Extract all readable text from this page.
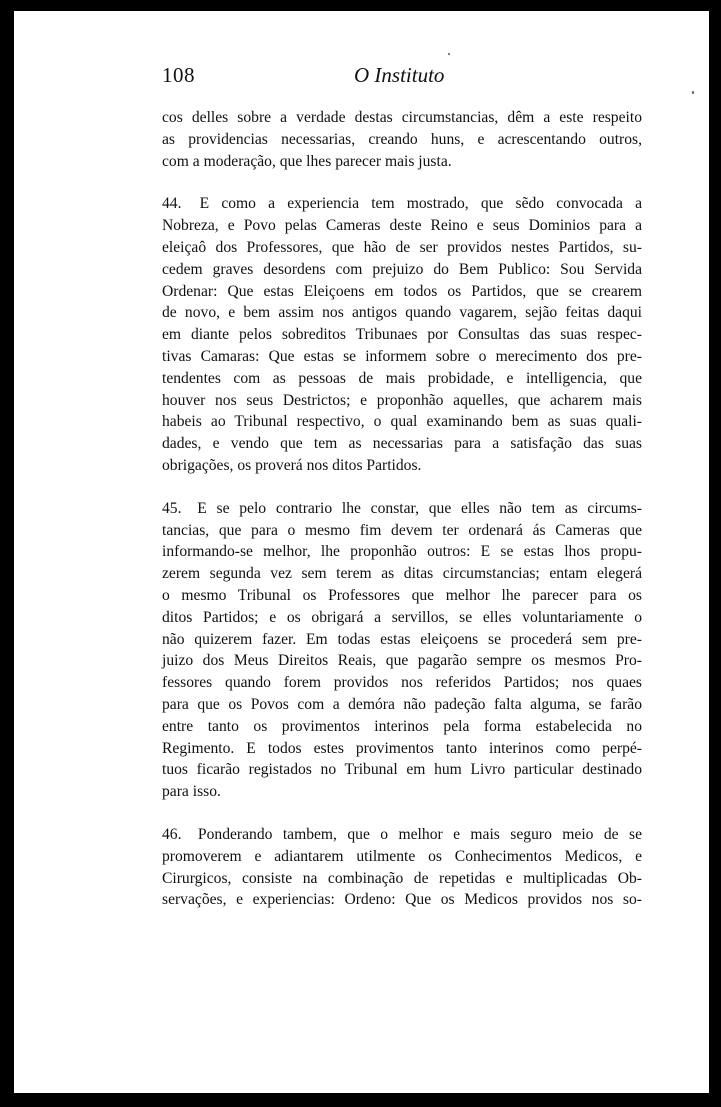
108	O Instituto
cos delles sobre a verdade destas circumstancias, dêm a este respeito
as providencias necessarias, creando huns, e acrescentando outros,
com a moderação, que lhes parecer mais justa.
44. E como a experiencia tem mostrado, que sẽdo convocada a
Nobreza, e Povo pelas Cameras deste Reino e seus Dominios para a
eleiçaô dos Professores, que hão de ser providos nestes Partidos, su-
cedem graves desordens com prejuizo do Bem Publico: Sou Servida
Ordenar: Que estas Eleiçoens em todos os Partidos, que se crearem
de novo, e bem assim nos antigos quando vagarem, sejão feitas daqui
em diante pelos sobreditos Tribunaes por Consultas das suas respec-
tivas Camaras: Que estas se informem sobre o merecimento dos pre-
tendentes com as pessoas de mais probidade, e intelligencia, que
houver nos seus Destrictos; e proponhão aquelles, que acharem mais
habeis ao Tribunal respectivo, o qual examinando bem as suas quali-
dades, e vendo que tem as necessarias para a satisfação das suas
obrigações, os proverá nos ditos Partidos.
45. E se pelo contrario lhe constar, que elles não tem as circums-
tancias, que para o mesmo fim devem ter ordenará ás Cameras que
informando-se melhor, lhe proponhão outros: E se estas lhos propu-
zerem segunda vez sem terem as ditas circumstancias; entam elegerá
o mesmo Tribunal os Professores que melhor lhe parecer para os
ditos Partidos; e os obrigará a servillos, se elles voluntariamente o
não quizerem fazer. Em todas estas eleiçoens se procederá sem pre-
juizo dos Meus Direitos Reais, que pagarão sempre os mesmos Pro-
fessores quando forem providos nos referidos Partidos; nos quaes
para que os Povos com a demóra não padeção falta alguma, se farão
entre tanto os provimentos interinos pela forma estabelecida no
Regimento. E todos estes provimentos tanto interinos como perpé-
tuos ficarão registados no Tribunal em hum Livro particular destinado
para isso.
46. Ponderando tambem, que o melhor e mais seguro meio de se
promoverem e adiantarem utilmente os Conhecimentos Medicos, e
Cirurgicos, consiste na combinação de repetidas e multiplicadas Ob-
servações, e experiencias: Ordeno: Que os Medicos providos nos so-
